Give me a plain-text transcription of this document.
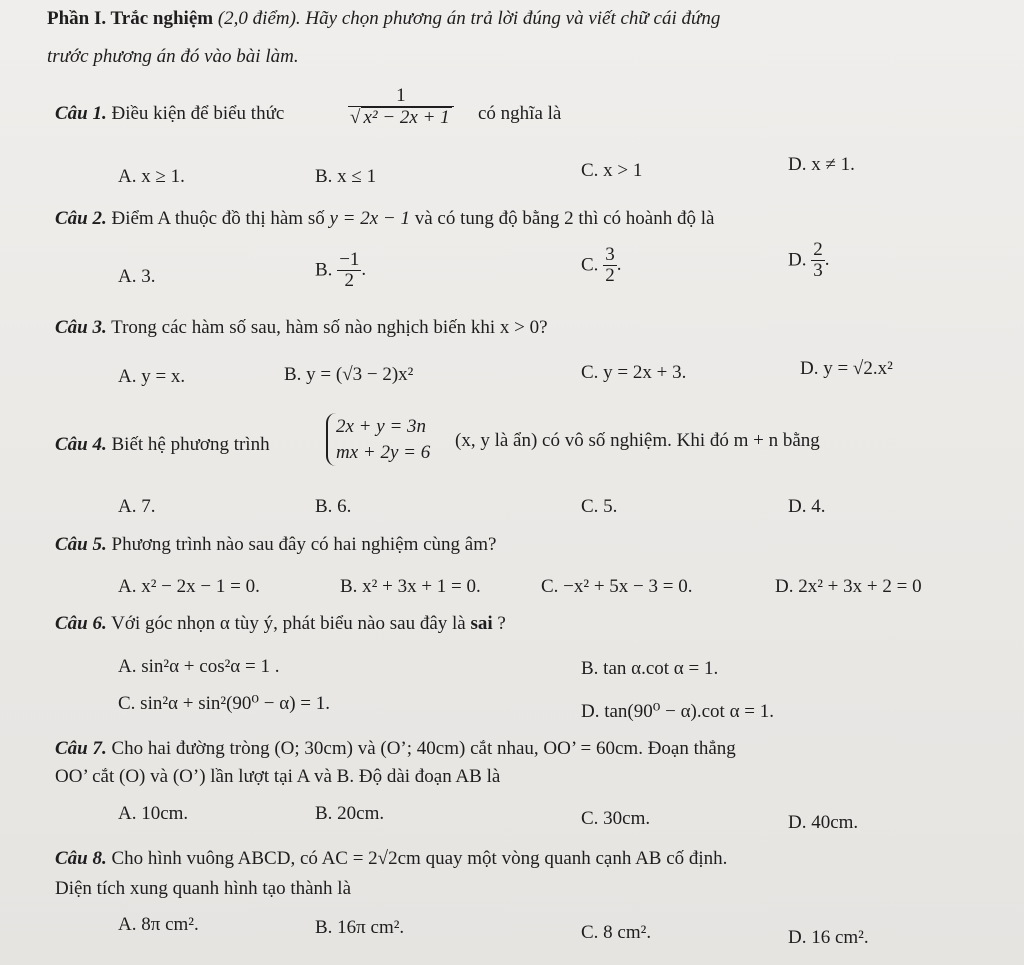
Phần I. Trắc nghiệm (2,0 điểm). Hãy chọn phương án trả lời đúng và viết chữ cái đứng
trước phương án đó vào bài làm.
Câu 1. Điều kiện để biểu thức	$\frac{1}{\text{√ x² − 2x + 1}}$ có nghĩa là
A. x ≥ 1.	B. x ≤ 1	C. x > 1	D. x ≠ 1.
Câu 2. Điểm A thuộc đồ thị hàm số y = 2x − 1 và có tung độ bằng 2 thì có hoành độ là
A. 3.	B. $\frac{-1}{2}$ .	C. $\frac{3}{2}$ .	D. $\frac{2}{3}$ .
Câu 3. Trong các hàm số sau, hàm số nào nghịch biến khi x > 0?
A. y = x.	B. y = (√3 − 2)x²	C. y = 2x + 3.	D. y = √2.x²
Câu 4. Biết hệ phương trình
2x + y = 3n
mx + 2y = 6
(x, y là ẩn) có vô số nghiệm. Khi đó m + n bằng
A. 7.	B. 6.	C. 5.	D. 4.
Câu 5. Phương trình nào sau đây có hai nghiệm cùng âm?
A. x² − 2x − 1 = 0.	B. x² + 3x + 1 = 0.	C. −x² + 5x − 3 = 0.	D. 2x² + 3x + 2 = 0
Câu 6. Với góc nhọn α tùy ý, phát biểu nào sau đây là sai ?
A. sin²α + cos²α = 1 .	B. tan α.cot α = 1.
C. sin²α + sin²(90⁰ − α) = 1.	D. tan(90⁰ − α).cot α = 1.
Câu 7. Cho hai đường tròng (O; 30cm) và (O’; 40cm) cắt nhau, OO’ = 60cm. Đoạn thẳng
OO’ cắt (O) và (O’) lần lượt tại A và B. Độ dài đoạn AB là
A. 10cm.	B. 20cm.	C. 30cm.	D. 40cm.
Câu 8. Cho hình vuông ABCD, có AC = 2√2cm quay một vòng quanh cạnh AB cố định.
Diện tích xung quanh hình tạo thành là
A. 8π cm².	B. 16π cm².	C. 8 cm².	D. 16 cm².
